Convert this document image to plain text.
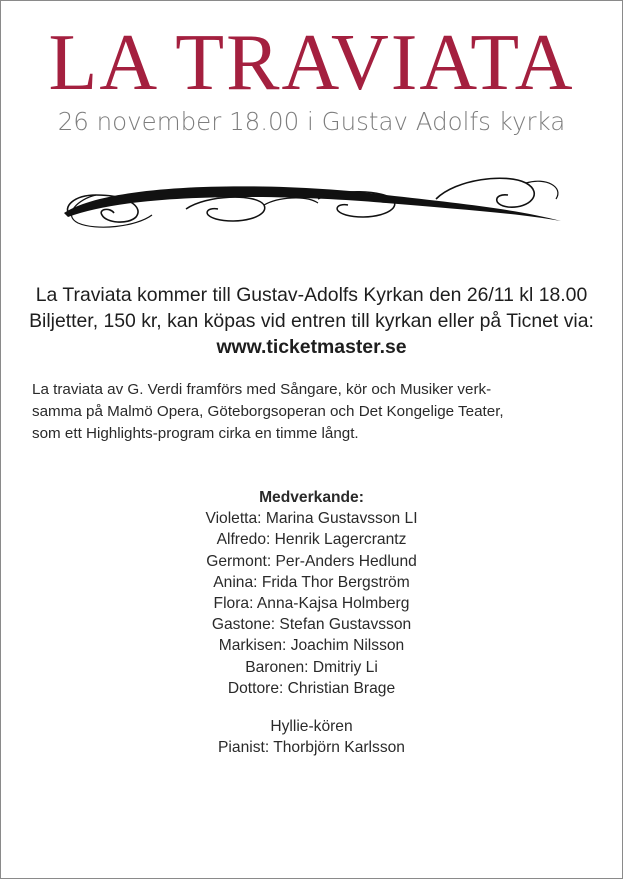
LA TRAVIATA
26 november 18.00 i Gustav Adolfs kyrka
La Traviata kommer till Gustav-Adolfs Kyrkan den 26/11 kl 18.00 Biljetter, 150 kr, kan köpas vid entren till kyrkan eller på Ticnet via: www.ticketmaster.se
La traviata av G. Verdi framförs med Sångare, kör och Musiker verk-
samma på Malmö Opera, Göteborgsoperan och Det Kongelige Teater,
som ett Highlights-program cirka en timme långt.
Medverkande:
Violetta: Marina Gustavsson LI
Alfredo: Henrik Lagercrantz
Germont: Per-Anders Hedlund
Anina: Frida Thor Bergström
Flora: Anna-Kajsa Holmberg
Gastone: Stefan Gustavsson
Markisen: Joachim Nilsson
Baronen: Dmitriy Li
Dottore: Christian Brage
Hyllie-kören
Pianist: Thorbjörn Karlsson
